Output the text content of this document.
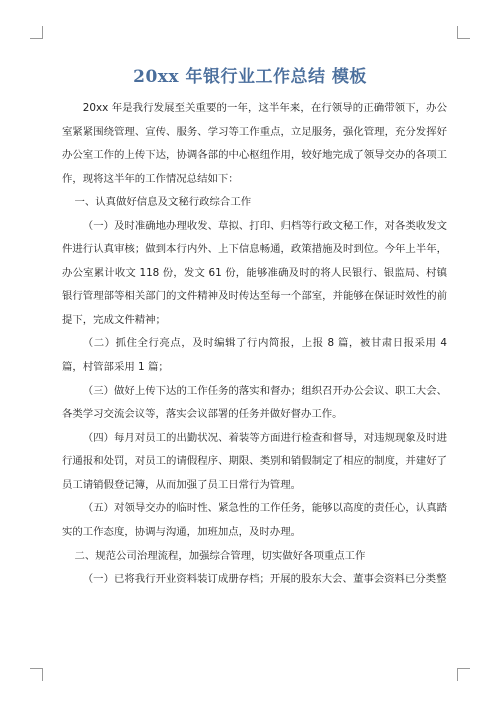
20xx 年银行业工作总结 模板

20xx 年是我行发展至关重要的一年，这半年来，在行领导的正确带领下，办公室紧紧围绕管理、宣传、服务、学习等工作重点，立足服务，强化管理，充分发挥好办公室工作的上传下达，协调各部的中心枢纽作用，较好地完成了领导交办的各项工作，现将这半年的工作情况总结如下：

一、认真做好信息及文秘行政综合工作

（一）及时准确地办理收发、草拟、打印、归档等行政文秘工作，对各类收发文件进行认真审核；做到本行内外、上下信息畅通，政策措施及时到位。今年上半年，办公室累计收文 118 份，发文 61 份，能够准确及时的将人民银行、银监局、村镇银行管理部等相关部门的文件精神及时传达至每一个部室，并能够在保证时效性的前提下，完成文件精神；

（二）抓住全行亮点，及时编辑了行内简报，上报 8 篇，被甘肃日报采用 4 篇，村管部采用 1 篇；

（三）做好上传下达的工作任务的落实和督办；组织召开办公会议、职工大会、各类学习交流会议等，落实会议部署的任务并做好督办工作。

（四）每月对员工的出勤状况、着装等方面进行检查和督导，对违规现象及时进行通报和处罚，对员工的请假程序、期限、类别和销假制定了相应的制度，并建好了员工请销假登记簿，从而加强了员工日常行为管理。

（五）对领导交办的临时性、紧急性的工作任务，能够以高度的责任心，认真踏实的工作态度，协调与沟通，加班加点，及时办理。

二、规范公司治理流程，加强综合管理，切实做好各项重点工作

（一）已将我行开业资料装订成册存档；开展的股东大会、董事会资料已分类整
